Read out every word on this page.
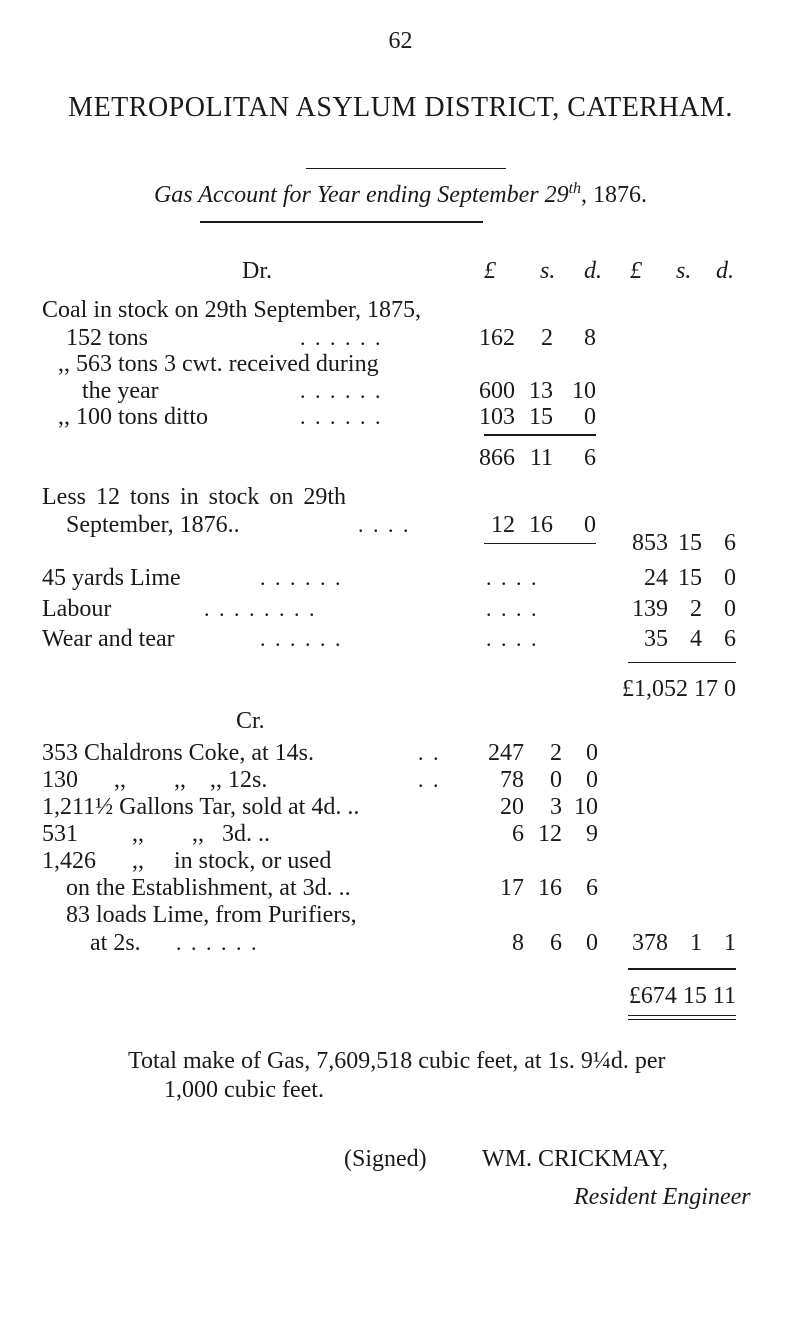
62
METROPOLITAN ASYLUM DISTRICT, CATERHAM.
Gas Account for Year ending September 29th, 1876.
Dr.	£ s. d. £ s. d.
Coal in stock on 29th September, 1875,
152 tons	. . . . . .	162	2	8
,, 563 tons 3 cwt. received during
the year	. . . . . .	600 13 10
,, 100 tons ditto	. . . . . .	103 15	0
866 11	6
Less 12 tons in stock on 29th
September, 1876..	. . . .	12 16	0
853 15 6
45 yards Lime	. . . . . .	. . . .	24 15 0
Labour	. . . . . . . .	. . . .	139 2 0
Wear and tear	. . . . . .	. . . .	35 4 6
£1,052 17 0
Cr.
353 Chaldrons Coke, at 14s.	. .	247	2	0
130      ,,        ,,    ,, 12s.	. .	78	0	0
1,211½ Gallons Tar, sold at 4d. ..	20	3 10
531         ,,        ,,   3d. ..	6 12	9
1,426      ,,     in stock, or used
on the Establishment, at 3d. ..	17 16	6
83 loads Lime, from Purifiers,
at 2s. . . . . . .	8	6	0	378 1 1
£674 15 11
Total make of Gas, 7,609,518 cubic feet, at 1s. 9¼d. per
1,000 cubic feet.
(Signed) WM. CRICKMAY,
Resident Engineer
